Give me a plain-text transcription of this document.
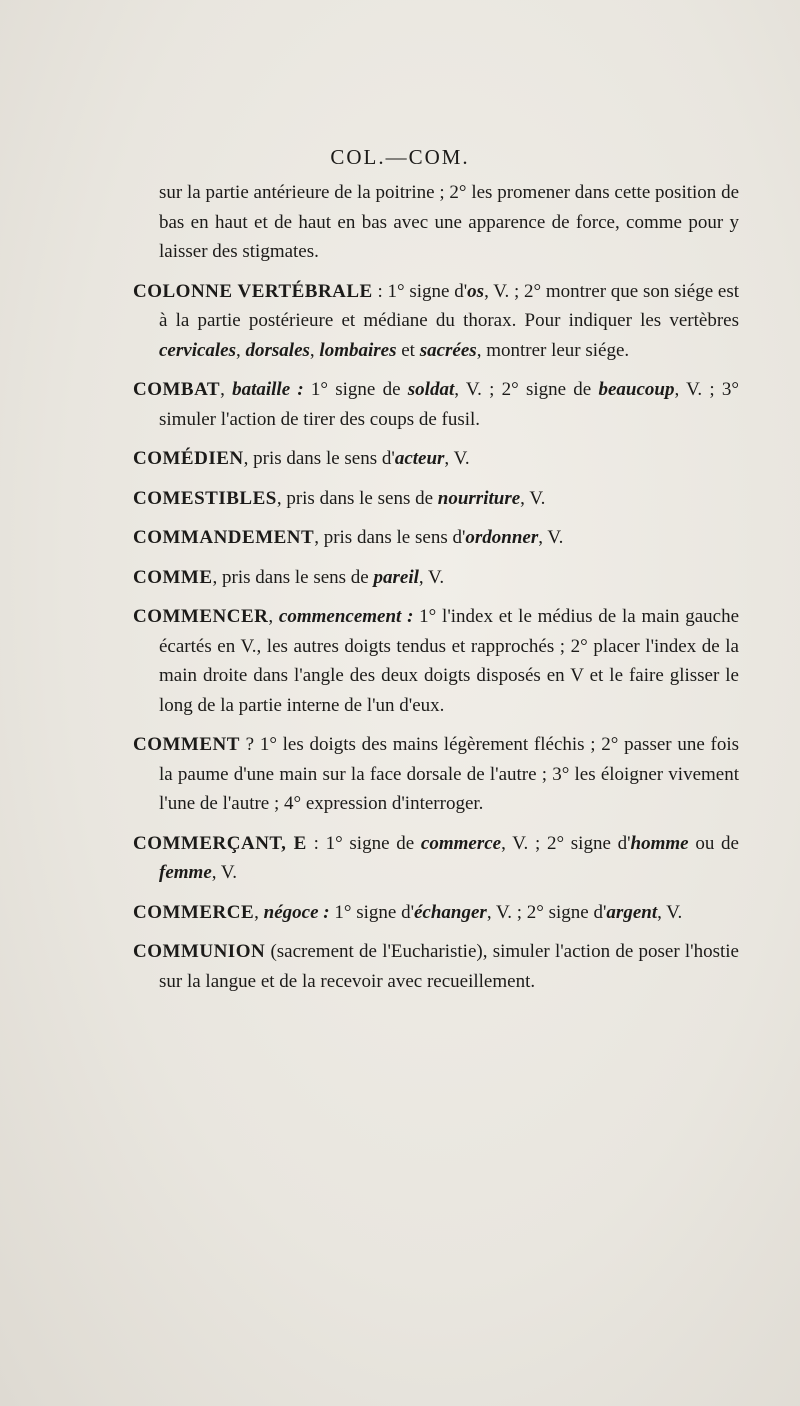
COL.—COM.

sur la partie antérieure de la poitrine ; 2° les promener dans cette position de bas en haut et de haut en bas avec une apparence de force, comme pour y laisser des stigmates.

COLONNE VERTÉBRALE : 1° signe d'os, V. ; 2° montrer que son siége est à la partie postérieure et médiane du thorax. Pour indiquer les vertèbres cervicales, dorsales, lombaires et sacrées, montrer leur siége.

COMBAT, bataille : 1° signe de soldat, V. ; 2° signe de beaucoup, V. ; 3° simuler l'action de tirer des coups de fusil.

COMÉDIEN, pris dans le sens d'acteur, V.

COMESTIBLES, pris dans le sens de nourriture, V.

COMMANDEMENT, pris dans le sens d'ordonner, V.

COMME, pris dans le sens de pareil, V.

COMMENCER, commencement : 1° l'index et le médius de la main gauche écartés en V., les autres doigts tendus et rapprochés ; 2° placer l'index de la main droite dans l'angle des deux doigts disposés en V et le faire glisser le long de la partie interne de l'un d'eux.

COMMENT ? 1° les doigts des mains légèrement fléchis ; 2° passer une fois la paume d'une main sur la face dorsale de l'autre ; 3° les éloigner vivement l'une de l'autre ; 4° expression d'interroger.

COMMERÇANT, E : 1° signe de commerce, V. ; 2° signe d'homme ou de femme, V.

COMMERCE, négoce : 1° signe d'échanger, V. ; 2° signe d'argent, V.

COMMUNION (sacrement de l'Eucharistie), simuler l'action de poser l'hostie sur la langue et de la recevoir avec recueillement.
